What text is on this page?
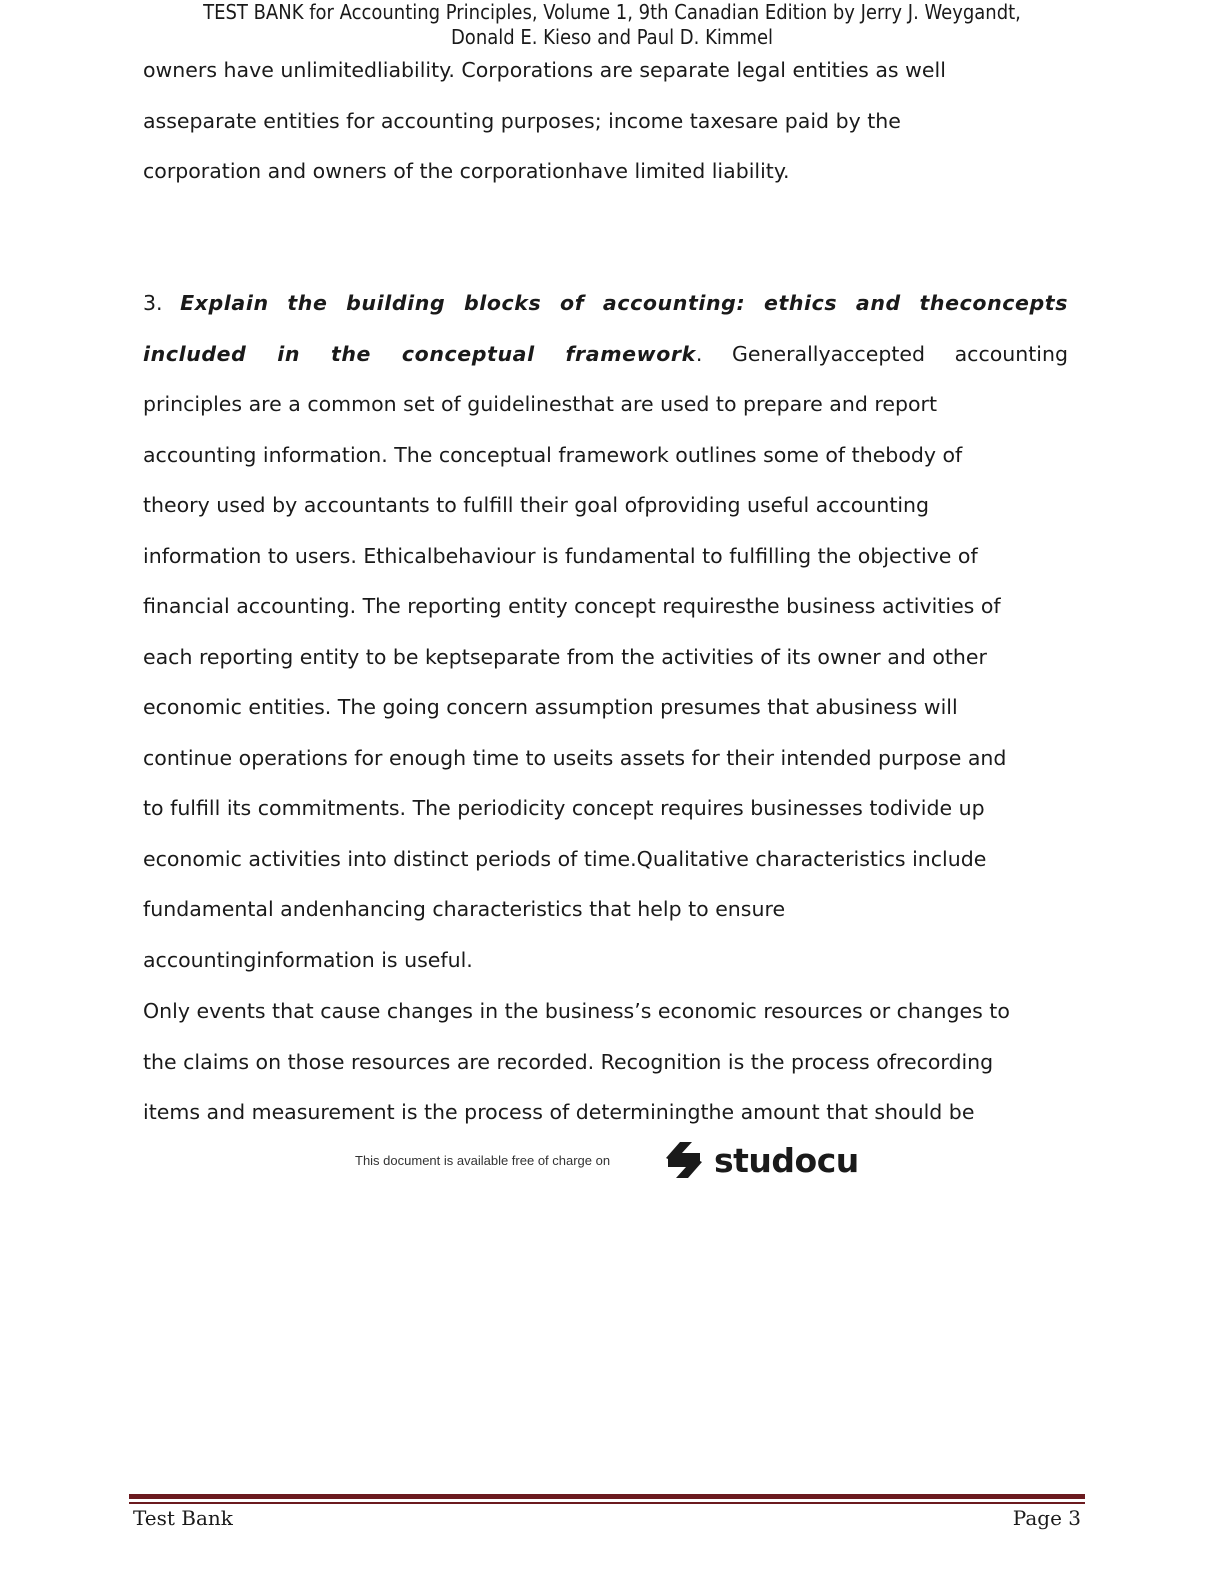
TEST BANK for Accounting Principles, Volume 1, 9th Canadian Edition by Jerry J. Weygandt,
Donald E. Kieso and Paul D. Kimmel
owners have unlimitedliability. Corporations are separate legal entities as well
asseparate entities for accounting purposes; income taxesare paid by the
corporation and owners of the corporationhave limited liability.
3. Explain the building blocks of accounting: ethics and theconcepts
included in the conceptual framework. Generallyaccepted accounting
principles are a common set of guidelinesthat are used to prepare and report
accounting information. The conceptual framework outlines some of thebody of
theory used by accountants to fulfill their goal ofproviding useful accounting
information to users. Ethicalbehaviour is fundamental to fulfilling the objective of
financial accounting. The reporting entity concept requiresthe business activities of
each reporting entity to be keptseparate from the activities of its owner and other
economic entities. The going concern assumption presumes that abusiness will
continue operations for enough time to useits assets for their intended purpose and
to fulfill its commitments. The periodicity concept requires businesses todivide up
economic activities into distinct periods of time.Qualitative characteristics include
fundamental andenhancing characteristics that help to ensure
accountinginformation is useful.
Only events that cause changes in the business’s economic resources or changes to
the claims on those resources are recorded. Recognition is the process ofrecording
items and measurement is the process of determiningthe amount that should be
This document is available free of charge on	studocu
Test Bank	Page 3
